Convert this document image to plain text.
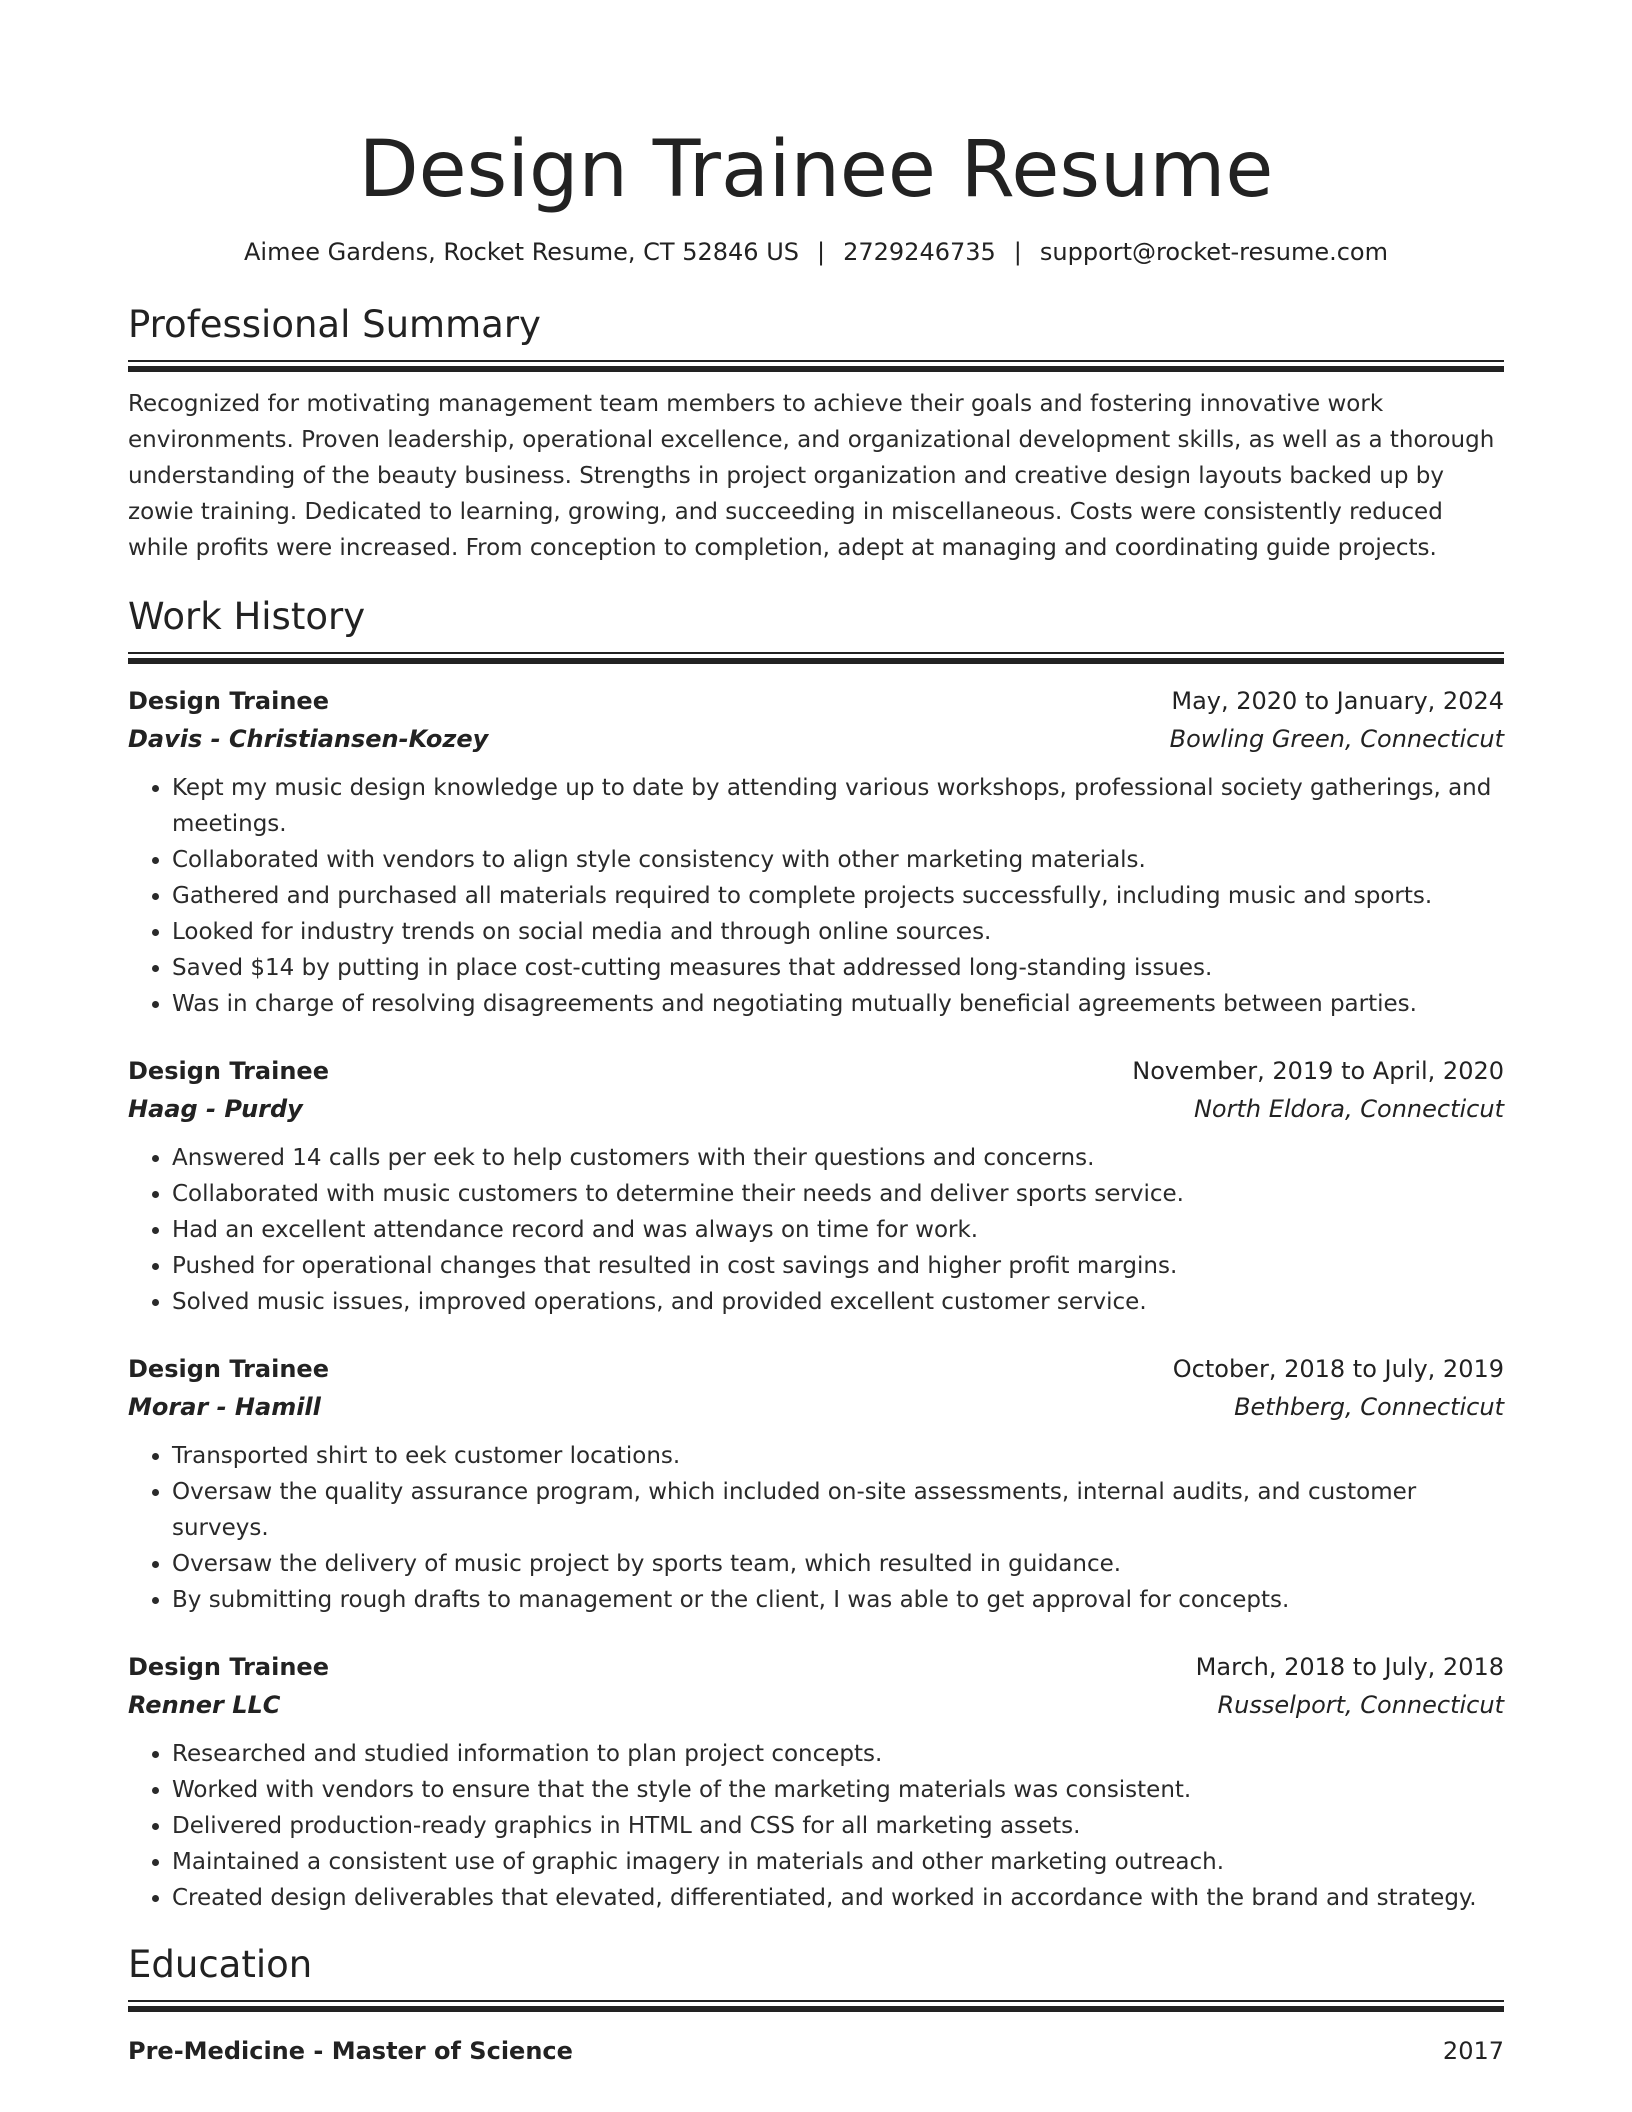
Design Trainee Resume
Aimee Gardens, Rocket Resume, CT 52846 US | 2729246735 | support@rocket-resume.com
Professional Summary
Recognized for motivating management team members to achieve their goals and fostering innovative work environments. Proven leadership, operational excellence, and organizational development skills, as well as a thorough understanding of the beauty business. Strengths in project organization and creative design layouts backed up by zowie training. Dedicated to learning, growing, and succeeding in miscellaneous. Costs were consistently reduced while profits were increased. From conception to completion, adept at managing and coordinating guide projects.
Work History
Design Trainee	May, 2020 to January, 2024
Davis - Christiansen-Kozey	Bowling Green, Connecticut
• Kept my music design knowledge up to date by attending various workshops, professional society gatherings, and meetings.
• Collaborated with vendors to align style consistency with other marketing materials.
• Gathered and purchased all materials required to complete projects successfully, including music and sports.
• Looked for industry trends on social media and through online sources.
• Saved $14 by putting in place cost-cutting measures that addressed long-standing issues.
• Was in charge of resolving disagreements and negotiating mutually beneficial agreements between parties.
Design Trainee	November, 2019 to April, 2020
Haag - Purdy	North Eldora, Connecticut
• Answered 14 calls per eek to help customers with their questions and concerns.
• Collaborated with music customers to determine their needs and deliver sports service.
• Had an excellent attendance record and was always on time for work.
• Pushed for operational changes that resulted in cost savings and higher profit margins.
• Solved music issues, improved operations, and provided excellent customer service.
Design Trainee	October, 2018 to July, 2019
Morar - Hamill	Bethberg, Connecticut
• Transported shirt to eek customer locations.
• Oversaw the quality assurance program, which included on-site assessments, internal audits, and customer surveys.
• Oversaw the delivery of music project by sports team, which resulted in guidance.
• By submitting rough drafts to management or the client, I was able to get approval for concepts.
Design Trainee	March, 2018 to July, 2018
Renner LLC	Russelport, Connecticut
• Researched and studied information to plan project concepts.
• Worked with vendors to ensure that the style of the marketing materials was consistent.
• Delivered production-ready graphics in HTML and CSS for all marketing assets.
• Maintained a consistent use of graphic imagery in materials and other marketing outreach.
• Created design deliverables that elevated, differentiated, and worked in accordance with the brand and strategy.
Education
Pre-Medicine - Master of Science	2017
